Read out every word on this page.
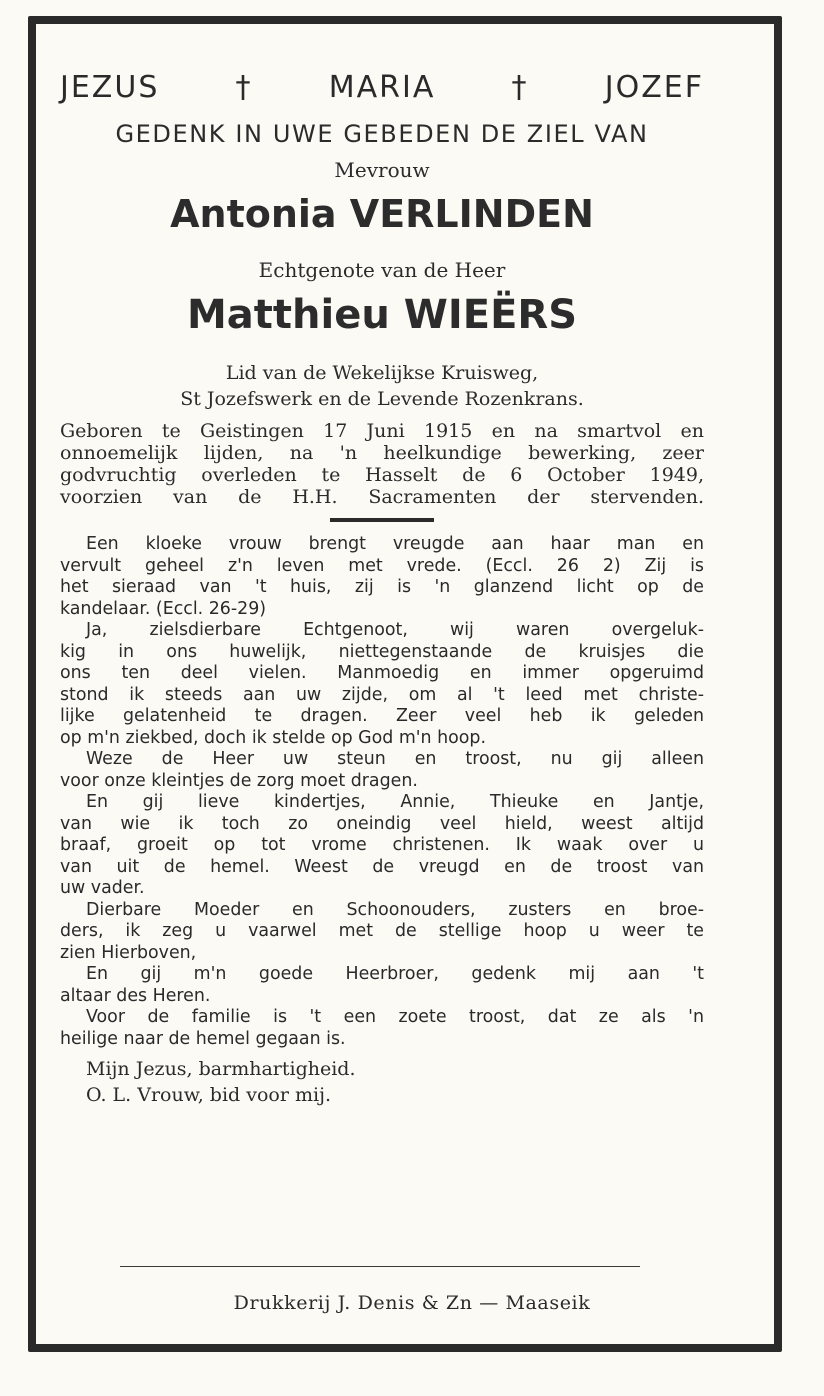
JEZUS	†	MARIA	†	JOZEF
GEDENK IN UWE GEBEDEN DE ZIEL VAN
Mevrouw
Antonia VERLINDEN
Echtgenote van de Heer
Matthieu WIEËRS
Lid van de Wekelijkse Kruisweg,
St Jozefswerk en de Levende Rozenkrans.
Geboren te Geistingen 17 Juni 1915 en na smartvol en
onnoemelijk lijden, na 'n heelkundige bewerking, zeer
godvruchtig overleden te Hasselt de 6 October 1949,
voorzien van de H.H. Sacramenten der stervenden.
Een kloeke vrouw brengt vreugde aan haar man en
vervult geheel z'n leven met vrede. (Eccl. 26 2) Zij is
het sieraad van 't huis, zij is 'n glanzend licht op de
kandelaar. (Eccl. 26-29)
Ja, zielsdierbare Echtgenoot, wij waren overgeluk-
kig in ons huwelijk, niettegenstaande de kruisjes die
ons ten deel vielen. Manmoedig en immer opgeruimd
stond ik steeds aan uw zijde, om al 't leed met christe-
lijke gelatenheid te dragen. Zeer veel heb ik geleden
op m'n ziekbed, doch ik stelde op God m'n hoop.
Weze de Heer uw steun en troost, nu gij alleen
voor onze kleintjes de zorg moet dragen.
En gij lieve kindertjes, Annie, Thieuke en Jantje,
van wie ik toch zo oneindig veel hield, weest altijd
braaf, groeit op tot vrome christenen. Ik waak over u
van uit de hemel. Weest de vreugd en de troost van
uw vader.
Dierbare Moeder en Schoonouders, zusters en broe-
ders, ik zeg u vaarwel met de stellige hoop u weer te
zien Hierboven,
En gij m'n goede Heerbroer, gedenk mij aan 't
altaar des Heren.
Voor de familie is 't een zoete troost, dat ze als 'n
heilige naar de hemel gegaan is.
Mijn Jezus, barmhartigheid.
O. L. Vrouw, bid voor mij.
Drukkerij J. Denis & Zn — Maaseik
